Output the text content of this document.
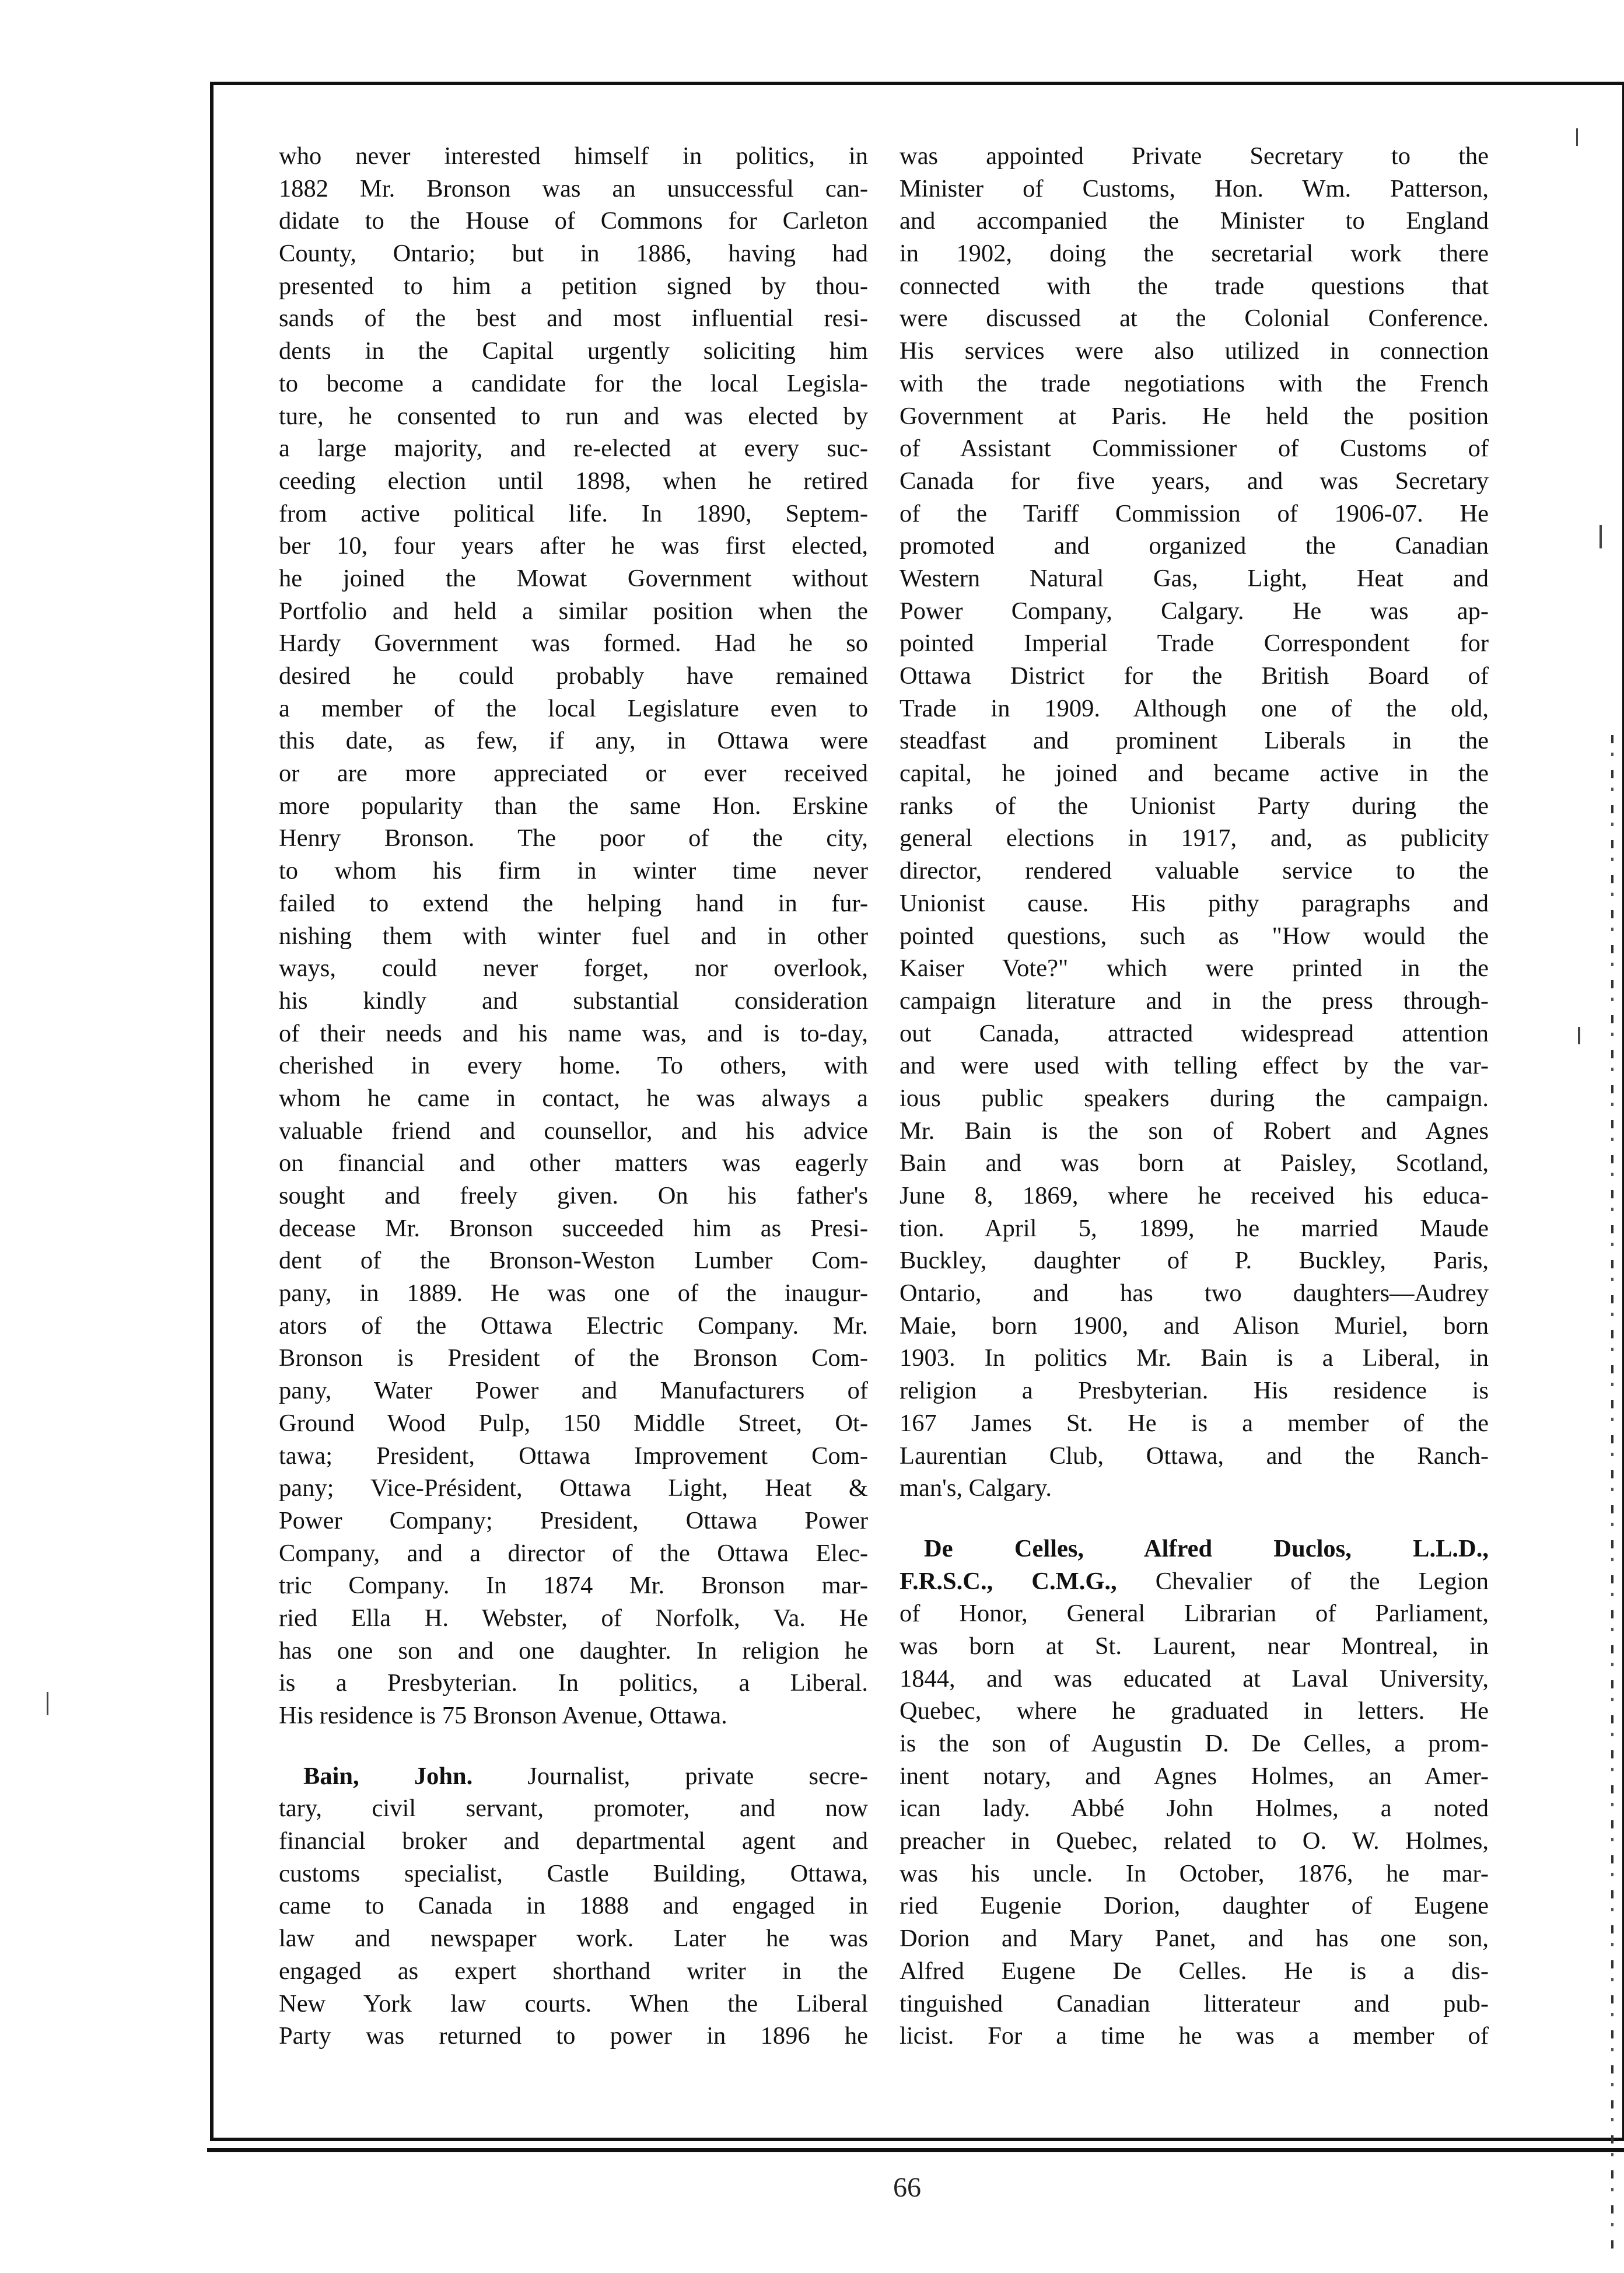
who never interested himself in politics, in

1882 Mr. Bronson was an unsuccessful can-

didate to the House of Commons for Carleton

County, Ontario; but in 1886, having had

presented to him a petition signed by thou-

sands of the best and most influential resi-

dents in the Capital urgently soliciting him

to become a candidate for the local Legisla-

ture, he consented to run and was elected by

a large majority, and re-elected at every suc-

ceeding election until 1898, when he retired

from active political life. In 1890, Septem-

ber 10, four years after he was first elected,

he joined the Mowat Government without

Portfolio and held a similar position when the

Hardy Government was formed. Had he so

desired he could probably have remained

a member of the local Legislature even to

this date, as few, if any, in Ottawa were

or are more appreciated or ever received

more popularity than the same Hon. Erskine

Henry Bronson. The poor of the city,

to whom his firm in winter time never

failed to extend the helping hand in fur-

nishing them with winter fuel and in other

ways, could never forget, nor overlook,

his kindly and substantial consideration

of their needs and his name was, and is to-day,

cherished in every home. To others, with

whom he came in contact, he was always a

valuable friend and counsellor, and his advice

on financial and other matters was eagerly

sought and freely given. On his father's

decease Mr. Bronson succeeded him as Presi-

dent of the Bronson-Weston Lumber Com-

pany, in 1889. He was one of the inaugur-

ators of the Ottawa Electric Company. Mr.

Bronson is President of the Bronson Com-

pany, Water Power and Manufacturers of

Ground Wood Pulp, 150 Middle Street, Ot-

tawa; President, Ottawa Improvement Com-

pany; Vice-Président, Ottawa Light, Heat &

Power Company; President, Ottawa Power

Company, and a director of the Ottawa Elec-

tric Company. In 1874 Mr. Bronson mar-

ried Ella H. Webster, of Norfolk, Va. He

has one son and one daughter. In religion he

is a Presbyterian. In politics, a Liberal.

His residence is 75 Bronson Avenue, Ottawa.

Bain, John. Journalist, private secre-

tary, civil servant, promoter, and now

financial broker and departmental agent and

customs specialist, Castle Building, Ottawa,

came to Canada in 1888 and engaged in

law and newspaper work. Later he was

engaged as expert shorthand writer in the

New York law courts. When the Liberal

Party was returned to power in 1896 he

was appointed Private Secretary to the

Minister of Customs, Hon. Wm. Patterson,

and accompanied the Minister to England

in 1902, doing the secretarial work there

connected with the trade questions that

were discussed at the Colonial Conference.

His services were also utilized in connection

with the trade negotiations with the French

Government at Paris. He held the position

of Assistant Commissioner of Customs of

Canada for five years, and was Secretary

of the Tariff Commission of 1906-07. He

promoted and organized the Canadian

Western Natural Gas, Light, Heat and

Power Company, Calgary. He was ap-

pointed Imperial Trade Correspondent for

Ottawa District for the British Board of

Trade in 1909. Although one of the old,

steadfast and prominent Liberals in the

capital, he joined and became active in the

ranks of the Unionist Party during the

general elections in 1917, and, as publicity

director, rendered valuable service to the

Unionist cause. His pithy paragraphs and

pointed questions, such as "How would the

Kaiser Vote?" which were printed in the

campaign literature and in the press through-

out Canada, attracted widespread attention

and were used with telling effect by the var-

ious public speakers during the campaign.

Mr. Bain is the son of Robert and Agnes

Bain and was born at Paisley, Scotland,

June 8, 1869, where he received his educa-

tion. April 5, 1899, he married Maude

Buckley, daughter of P. Buckley, Paris,

Ontario, and has two daughters—Audrey

Maie, born 1900, and Alison Muriel, born

1903. In politics Mr. Bain is a Liberal, in

religion a Presbyterian. His residence is

167 James St. He is a member of the

Laurentian Club, Ottawa, and the Ranch-

man's, Calgary.

De Celles, Alfred Duclos, L.L.D.,

F.R.S.C., C.M.G., Chevalier of the Legion

of Honor, General Librarian of Parliament,

was born at St. Laurent, near Montreal, in

1844, and was educated at Laval University,

Quebec, where he graduated in letters. He

is the son of Augustin D. De Celles, a prom-

inent notary, and Agnes Holmes, an Amer-

ican lady. Abbé John Holmes, a noted

preacher in Quebec, related to O. W. Holmes,

was his uncle. In October, 1876, he mar-

ried Eugenie Dorion, daughter of Eugene

Dorion and Mary Panet, and has one son,

Alfred Eugene De Celles. He is a dis-

tinguished Canadian litterateur and pub-

licist. For a time he was a member of

66
